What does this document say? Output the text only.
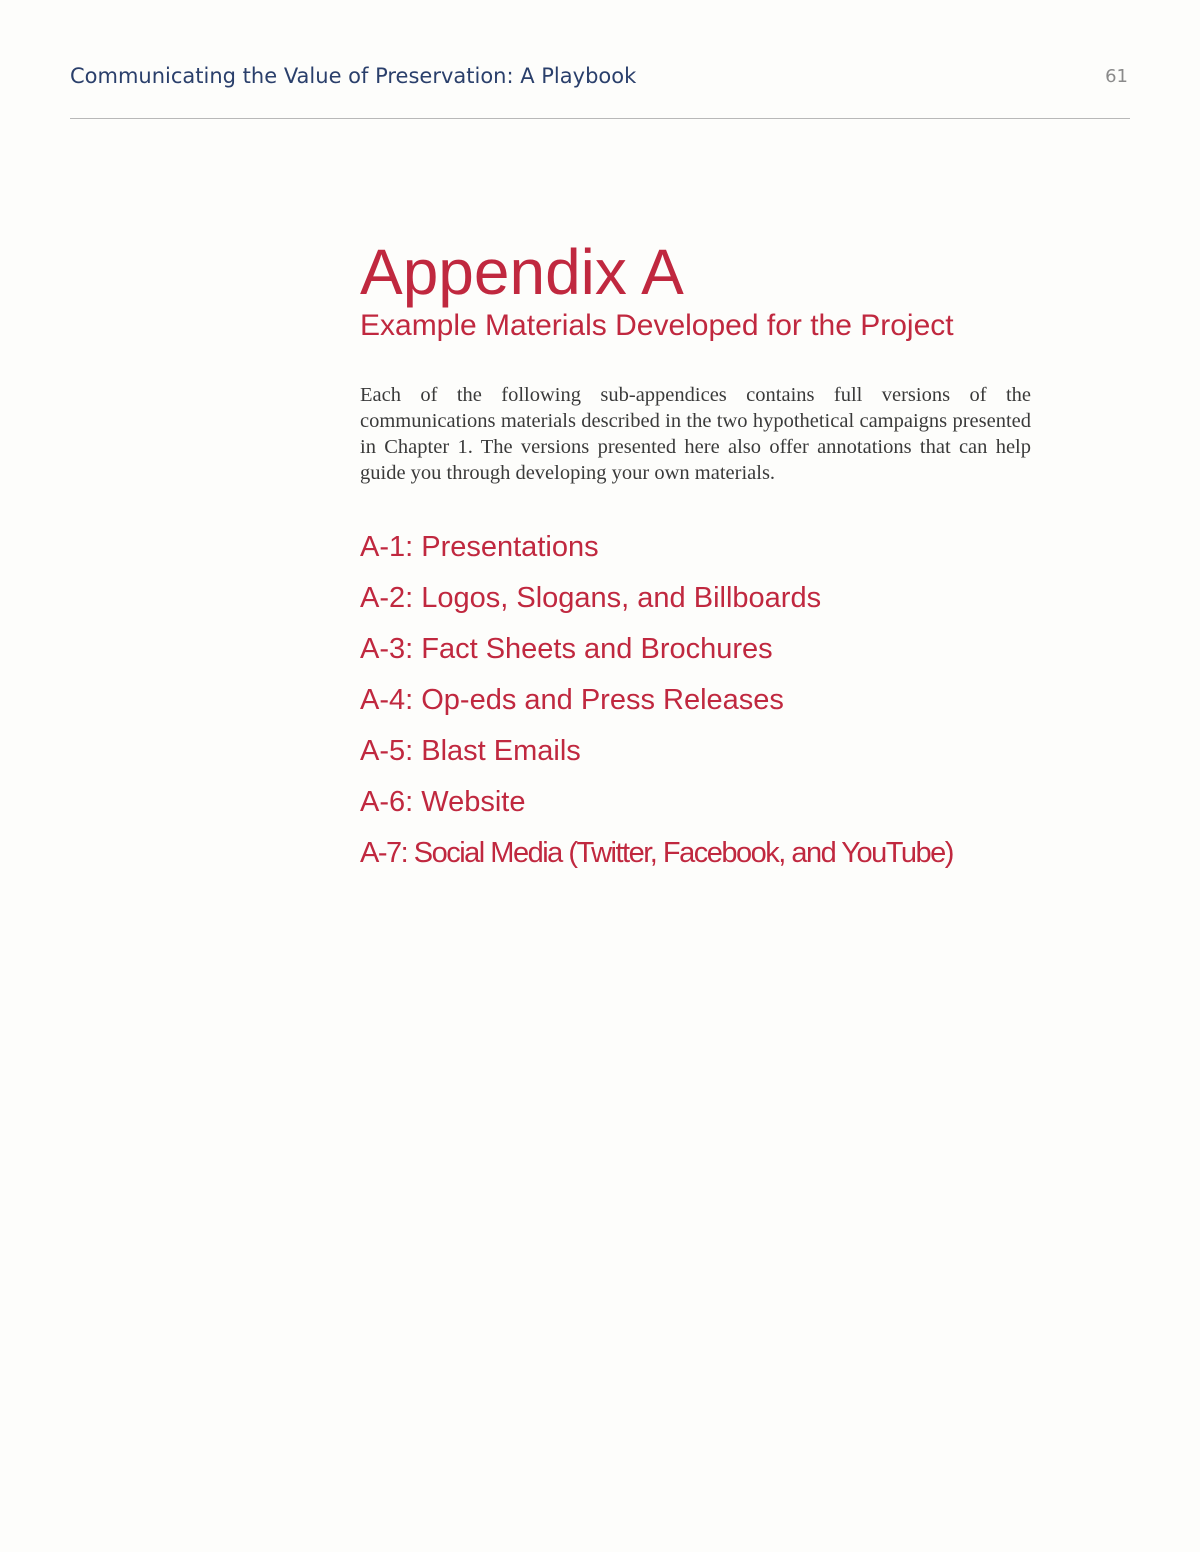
Communicating the Value of Preservation: A Playbook	61
Appendix A
Example Materials Developed for the Project

Each of the following sub-appendices contains full versions of the communications materials described in the two hypothetical campaigns presented in Chapter 1. The versions presented here also offer annotations that can help guide you through developing your own materials.

A-1: Presentations
A-2: Logos, Slogans, and Billboards
A-3: Fact Sheets and Brochures
A-4: Op-eds and Press Releases
A-5: Blast Emails
A-6: Website
A-7: Social Media (Twitter, Facebook, and YouTube)
